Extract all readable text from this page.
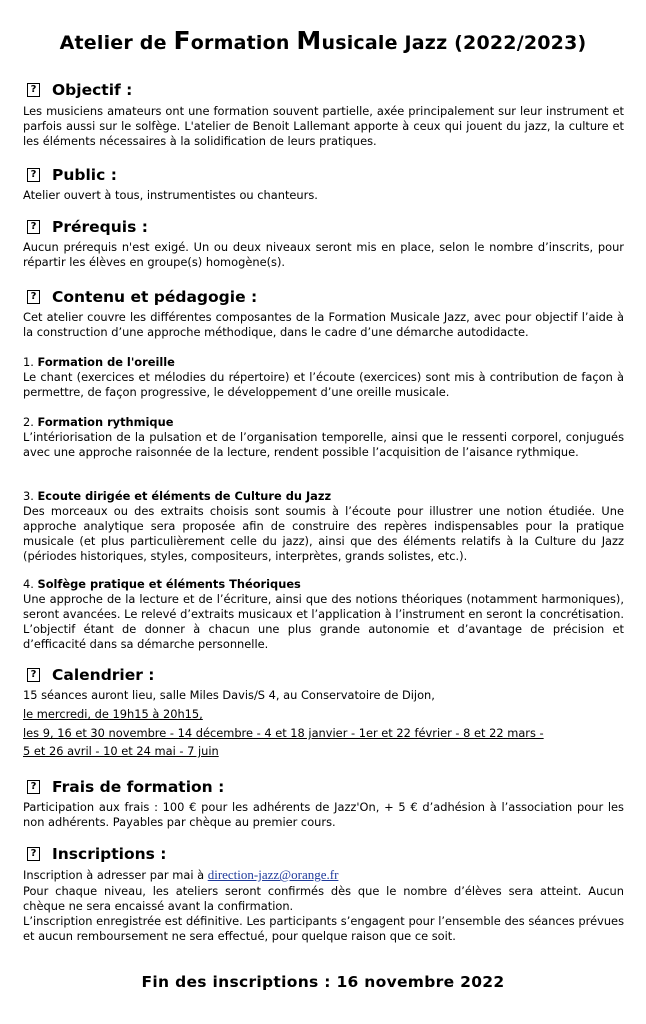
Atelier de Formation Musicale Jazz (2022/2023)
? Objectif :
Les musiciens amateurs ont une formation souvent partielle, axée principalement sur leur instrument et parfois aussi sur le solfège. L'atelier de Benoit Lallemant apporte à ceux qui jouent du jazz, la culture et les éléments nécessaires à la solidification de leurs pratiques.
? Public :
Atelier ouvert à tous, instrumentistes ou chanteurs.
? Prérequis :
Aucun prérequis n'est exigé. Un ou deux niveaux seront mis en place, selon le nombre d’inscrits, pour répartir les élèves en groupe(s) homogène(s).
? Contenu et pédagogie :
Cet atelier couvre les différentes composantes de la Formation Musicale Jazz, avec pour objectif l’aide à la construction d’une approche méthodique, dans le cadre d’une démarche autodidacte.
1. Formation de l'oreille
Le chant (exercices et mélodies du répertoire) et l’écoute (exercices) sont mis à contribution de façon à permettre, de façon progressive, le développement d’une oreille musicale.
2. Formation rythmique
L’intériorisation de la pulsation et de l’organisation temporelle, ainsi que le ressenti corporel, conjugués avec une approche raisonnée de la lecture, rendent possible l’acquisition de l’aisance rythmique.
3. Ecoute dirigée et éléments de Culture du Jazz
Des morceaux ou des extraits choisis sont soumis à l’écoute pour illustrer une notion étudiée. Une approche analytique sera proposée afin de construire des repères indispensables pour la pratique musicale (et plus particulièrement celle du jazz), ainsi que des éléments relatifs à la Culture du Jazz (périodes historiques, styles, compositeurs, interprètes, grands solistes, etc.).
4. Solfège pratique et éléments Théoriques
Une approche de la lecture et de l’écriture, ainsi que des notions théoriques (notamment harmoniques), seront avancées. Le relevé d’extraits musicaux et l’application à l’instrument en seront la concrétisation. L’objectif étant de donner à chacun une plus grande autonomie et d’avantage de précision et d’efficacité dans sa démarche personnelle.
? Calendrier :
15 séances auront lieu, salle Miles Davis/S 4, au Conservatoire de Dijon,
le mercredi, de 19h15 à 20h15,
les 9, 16 et 30 novembre - 14 décembre - 4 et 18 janvier - 1er et 22 février - 8 et 22 mars -
5 et 26 avril - 10 et 24 mai - 7 juin
? Frais de formation :
Participation aux frais : 100 € pour les adhérents de Jazz'On, + 5 € d’adhésion à l’association pour les non adhérents. Payables par chèque au premier cours.
? Inscriptions :
Inscription à adresser par mai à direction-jazz@orange.fr
Pour chaque niveau, les ateliers seront confirmés dès que le nombre d’élèves sera atteint. Aucun chèque ne sera encaissé avant la confirmation.
L’inscription enregistrée est définitive. Les participants s’engagent pour l’ensemble des séances prévues et aucun remboursement ne sera effectué, pour quelque raison que ce soit.
Fin des inscriptions : 16 novembre 2022
